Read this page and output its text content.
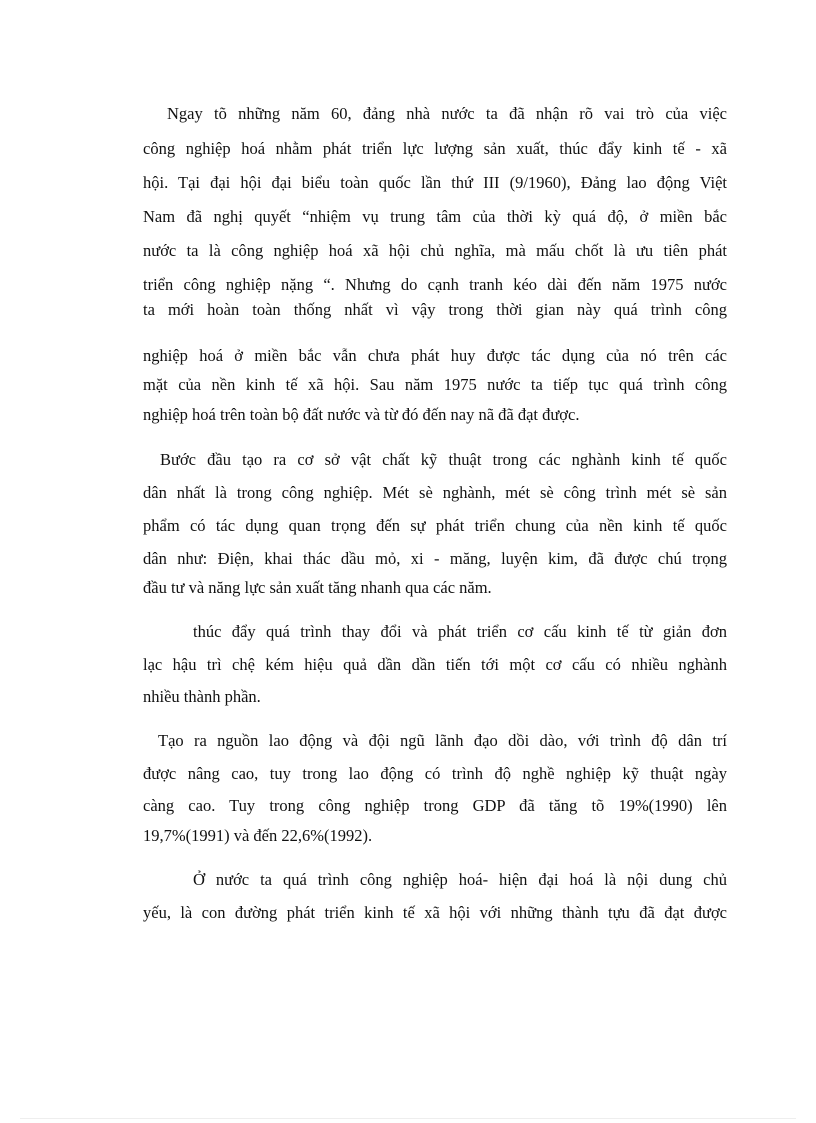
Ngay tõ những năm 60, đảng nhà nước ta đã nhận rõ vai trò của việc
công nghiệp hoá nhằm phát triển lực lượng sản xuất, thúc đẩy kinh tế - xã
hội. Tại đại hội đại biểu toàn quốc lần thứ III (9/1960), Đảng lao động Việt
Nam đã nghị quyết “nhiệm vụ trung tâm của thời kỳ quá độ, ở miền bắc
nước ta là công nghiệp hoá xã hội chủ nghĩa, mà mấu chốt là ưu tiên phát
triển công nghiệp nặng “. Nhưng do cạnh tranh kéo dài đến năm 1975 nước
ta mới hoàn toàn thống nhất vì vậy trong thời gian này quá trình công
nghiệp hoá ở miền bắc vẫn chưa phát huy được tác dụng của nó trên các
mặt của nền kinh tế xã hội. Sau năm 1975 nước ta tiếp tục quá trình công
nghiệp hoá trên toàn bộ đất nước và từ đó đến nay nã đã đạt được.
Bước đầu tạo ra cơ sở vật chất kỹ thuật trong các nghành kinh tế quốc
dân nhất là trong công nghiệp. Mét sè nghành, mét sè công trình mét sè sản
phẩm có tác dụng quan trọng đến sự phát triển chung của nền kinh tế quốc
dân như: Điện, khai thác dầu mỏ, xi - măng, luyện kim, đã được chú trọng
đầu tư và năng lực sản xuất tăng nhanh qua các năm.
thúc đẩy quá trình thay đổi và phát triển cơ cấu kinh tế từ giản đơn
lạc hậu trì chệ kém hiệu quả dần dần tiến tới một cơ cấu có nhiều nghành
nhiều thành phần.
Tạo ra nguồn lao động và đội ngũ lãnh đạo dồi dào, với trình độ dân trí
được nâng cao, tuy trong lao động có trình độ nghề nghiệp kỹ thuật ngày
càng cao. Tuy trong công nghiệp trong GDP đã tăng tõ 19%(1990) lên
19,7%(1991) và đến 22,6%(1992).
Ở nước ta quá trình công nghiệp hoá- hiện đại hoá là nội dung chủ
yếu, là con đường phát triển kinh tế xã hội với những thành tựu đã đạt được
